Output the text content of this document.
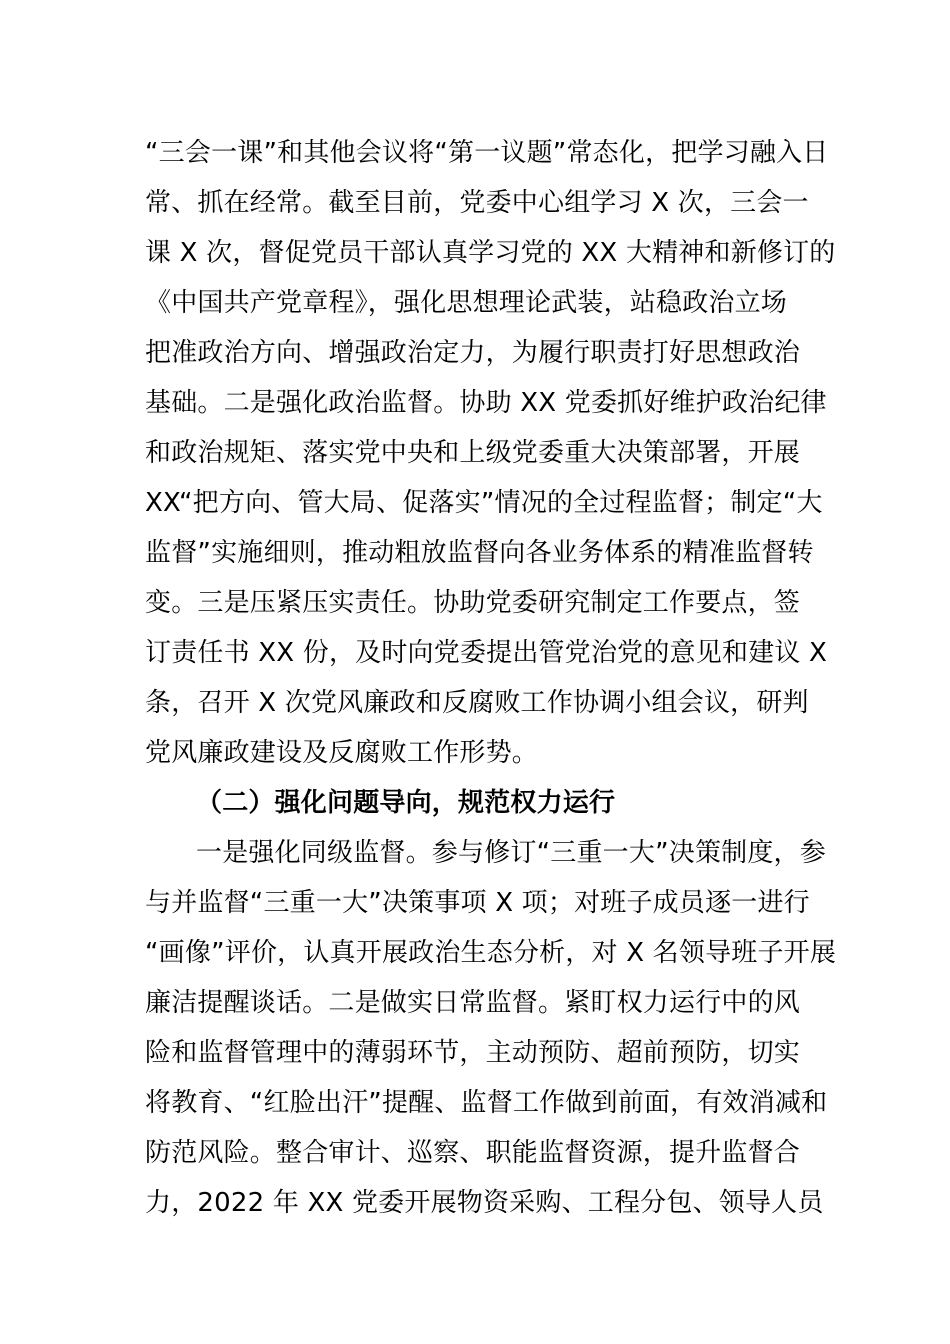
“三会一课”和其他会议将“第一议题”常态化，把学习融入日
常、抓在经常。截至目前，党委中心组学习 X 次，三会一
课 X 次，督促党员干部认真学习党的 XX 大精神和新修订的
《中国共产党章程》，强化思想理论武装，站稳政治立场
把准政治方向、增强政治定力，为履行职责打好思想政治
基础。二是强化政治监督。协助 XX 党委抓好维护政治纪律
和政治规矩、落实党中央和上级党委重大决策部署，开展
XX“把方向、管大局、促落实”情况的全过程监督；制定“大
监督”实施细则，推动粗放监督向各业务体系的精准监督转
变。三是压紧压实责任。协助党委研究制定工作要点，签
订责任书 XX 份，及时向党委提出管党治党的意见和建议 X
条，召开 X 次党风廉政和反腐败工作协调小组会议，研判
党风廉政建设及反腐败工作形势。
（二）强化问题导向，规范权力运行
一是强化同级监督。参与修订“三重一大”决策制度，参
与并监督“三重一大”决策事项 X 项；对班子成员逐一进行
“画像”评价，认真开展政治生态分析，对 X 名领导班子开展
廉洁提醒谈话。二是做实日常监督。紧盯权力运行中的风
险和监督管理中的薄弱环节，主动预防、超前预防，切实
将教育、“红脸出汗”提醒、监督工作做到前面，有效消减和
防范风险。整合审计、巡察、职能监督资源，提升监督合
力，2022 年 XX 党委开展物资采购、工程分包、领导人员
